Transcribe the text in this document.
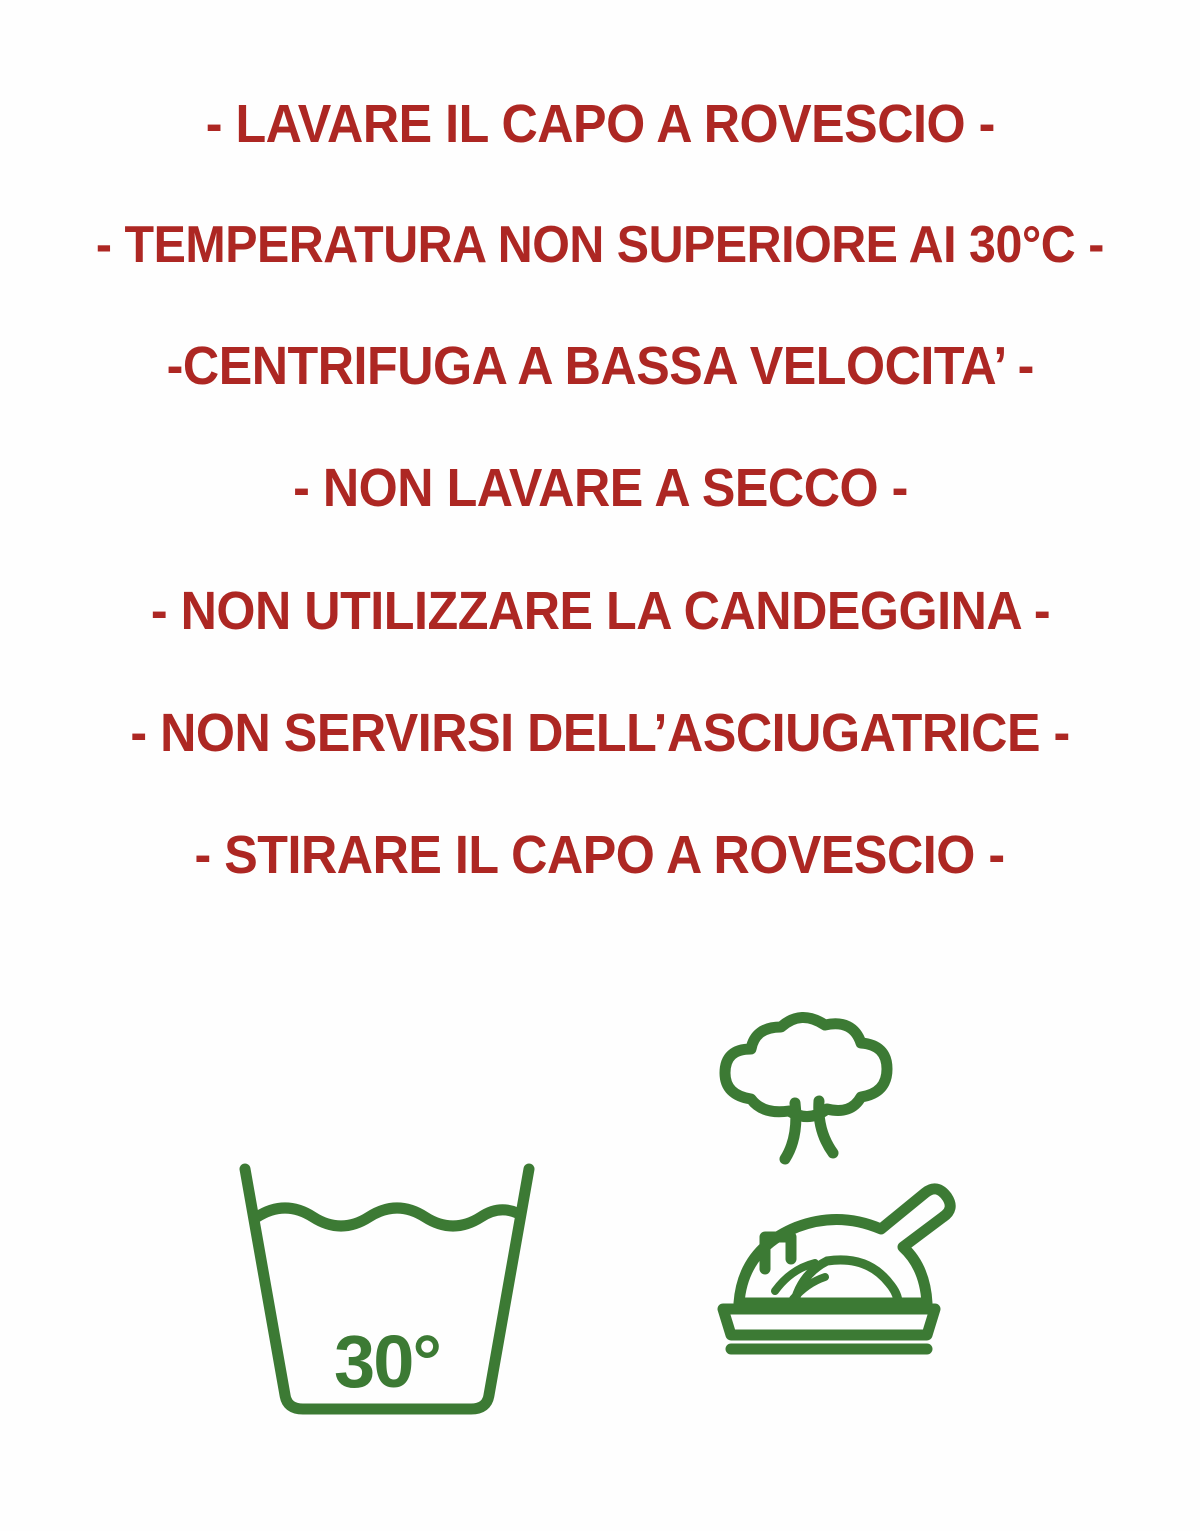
- LAVARE IL CAPO A ROVESCIO -

- TEMPERATURA NON SUPERIORE AI 30°C -

-CENTRIFUGA A BASSA VELOCITA’ -

- NON LAVARE A SECCO -

- NON UTILIZZARE LA CANDEGGINA -

- NON SERVIRSI DELL’ASCIUGATRICE -

- STIRARE IL CAPO A ROVESCIO -

30°
